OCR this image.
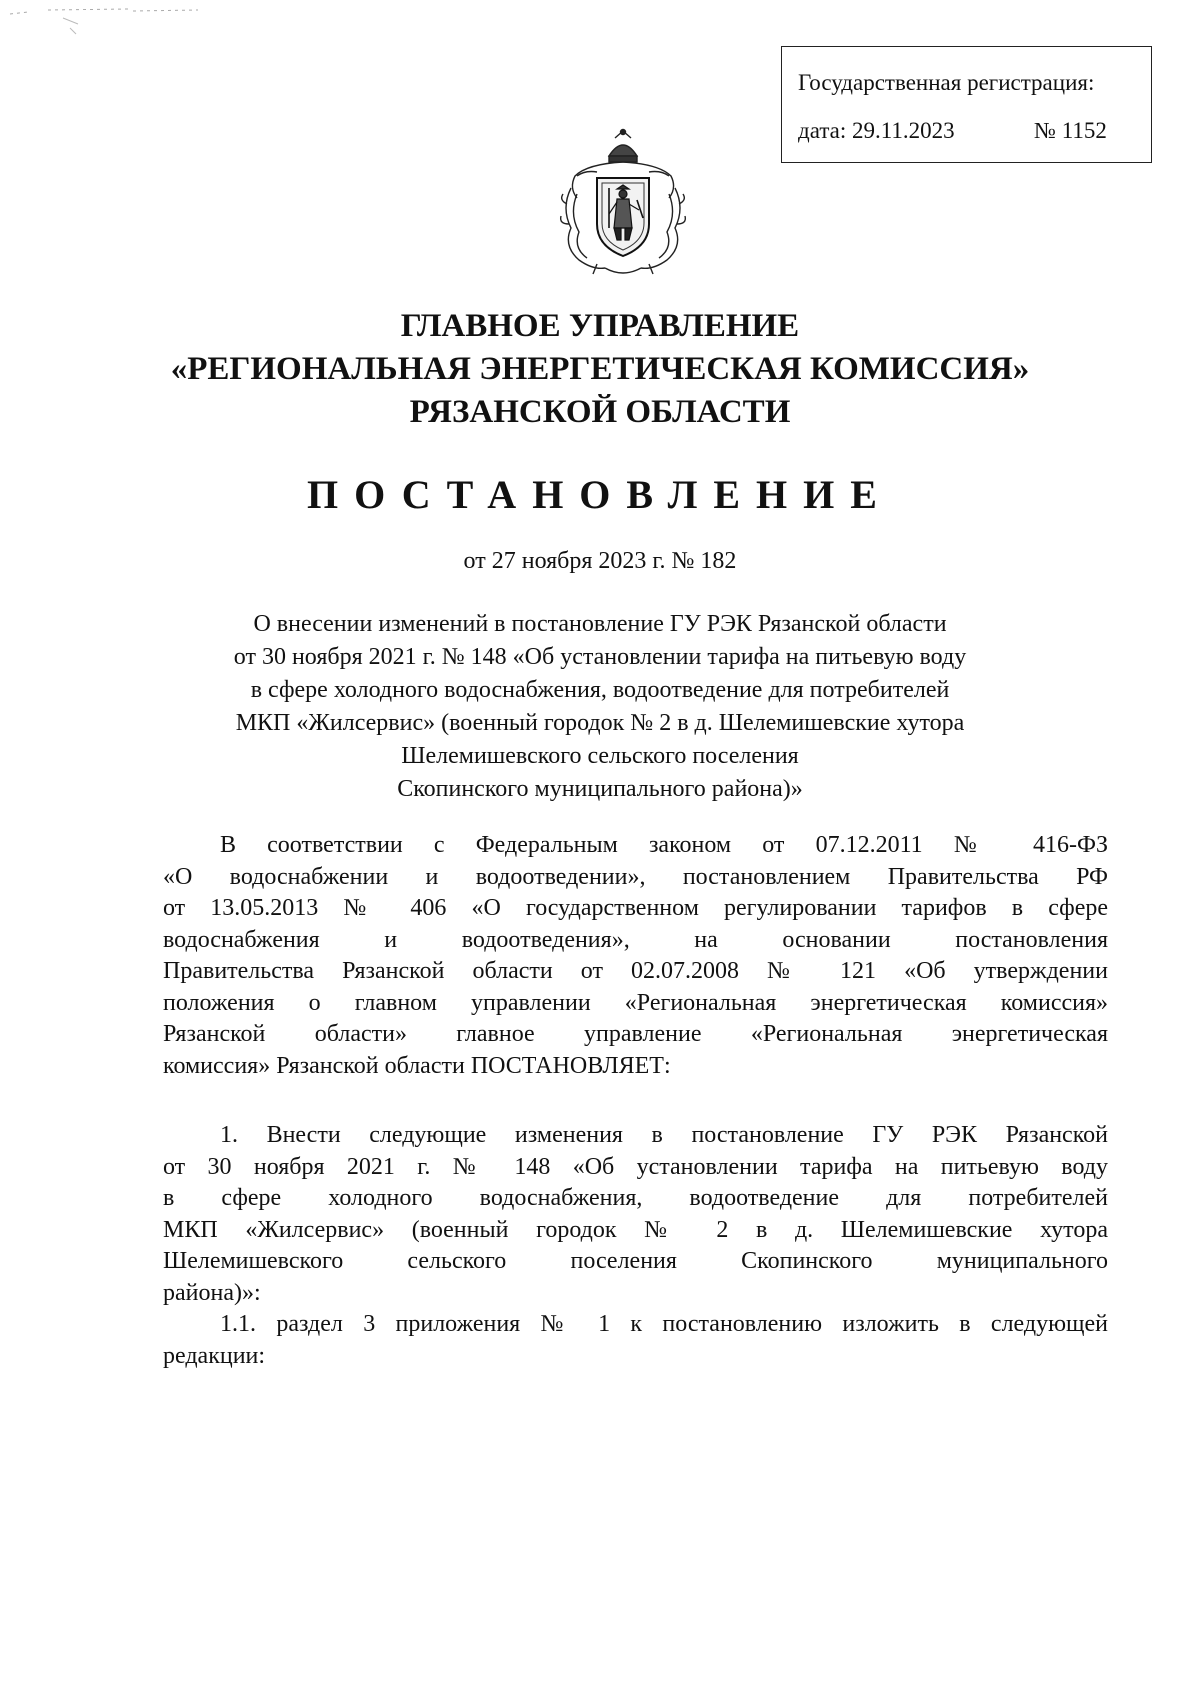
Государственная регистрация:
дата: 29.11.2023	№ 1152
ГЛАВНОЕ УПРАВЛЕНИЕ
«РЕГИОНАЛЬНАЯ ЭНЕРГЕТИЧЕСКАЯ КОМИССИЯ»
РЯЗАНСКОЙ ОБЛАСТИ
ПОСТАНОВЛЕНИЕ
от 27 ноября 2023 г. № 182
О внесении изменений в постановление ГУ РЭК Рязанской области
от 30 ноября 2021 г. № 148 «Об установлении тарифа на питьевую воду
в сфере холодного водоснабжения, водоотведение для потребителей
МКП «Жилсервис» (военный городок № 2 в д. Шелемишевские хутора
Шелемишевского сельского поселения
Скопинского муниципального района)»
В соответствии с Федеральным законом от 07.12.2011 № 416-ФЗ
«О водоснабжении и водоотведении», постановлением Правительства РФ
от 13.05.2013 № 406 «О государственном регулировании тарифов в сфере
водоснабжения и водоотведения», на основании постановления
Правительства Рязанской области от 02.07.2008 № 121 «Об утверждении
положения о главном управлении «Региональная энергетическая комиссия»
Рязанской области» главное управление «Региональная энергетическая
комиссия» Рязанской области ПОСТАНОВЛЯЕТ:
1. Внести следующие изменения в постановление ГУ РЭК Рязанской
от 30 ноября 2021 г. № 148 «Об установлении тарифа на питьевую воду
в сфере холодного водоснабжения, водоотведение для потребителей
МКП «Жилсервис» (военный городок № 2 в д. Шелемишевские хутора
Шелемишевского сельского поселения Скопинского муниципального
района)»:
1.1. раздел 3 приложения № 1 к постановлению изложить в следующей
редакции:
